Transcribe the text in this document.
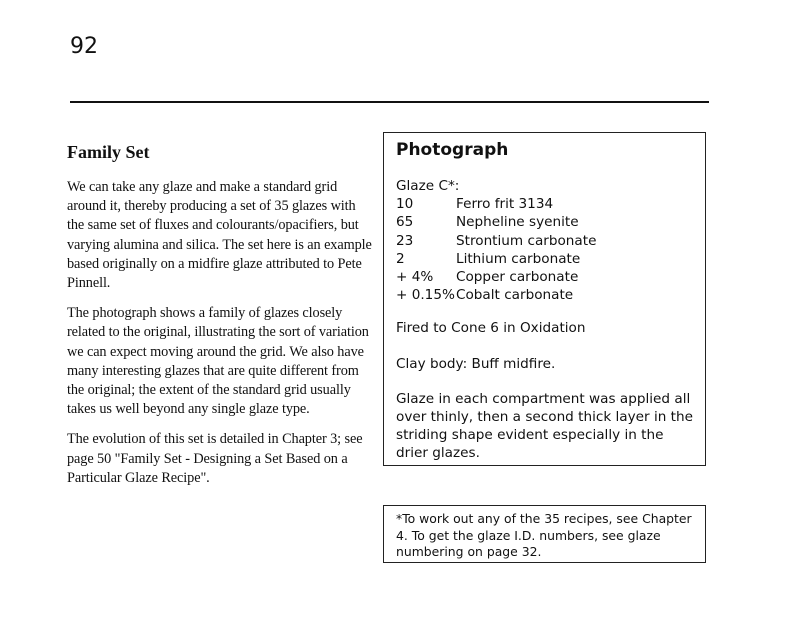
92
Family Set

We can take any glaze and make a standard grid around it, thereby producing a set of 35 glazes with the same set of fluxes and colourants/opacifiers, but varying alumina and silica. The set here is an example based originally on a midfire glaze attributed to Pete Pinnell.

The photograph shows a family of glazes closely related to the original, illustrating the sort of variation we can expect moving around the grid. We also have many interesting glazes that are quite different from the original; the extent of the standard grid usually takes us well beyond any single glaze type.

The evolution of this set is detailed in Chapter 3; see page 50 "Family Set - Designing a Set Based on a Particular Glaze Recipe".

Photograph
Glaze C*:
10	Ferro frit 3134
65	Nepheline syenite
23	Strontium carbonate
2	Lithium carbonate
+ 4%	Copper carbonate
+ 0.15% Cobalt carbonate

Fired to Cone 6 in Oxidation

Clay body: Buff midfire.

Glaze in each compartment was applied all over thinly, then a second thick layer in the striding shape evident especially in the drier glazes.

*To work out any of the 35 recipes, see Chapter 4. To get the glaze I.D. numbers, see glaze numbering on page 32.
